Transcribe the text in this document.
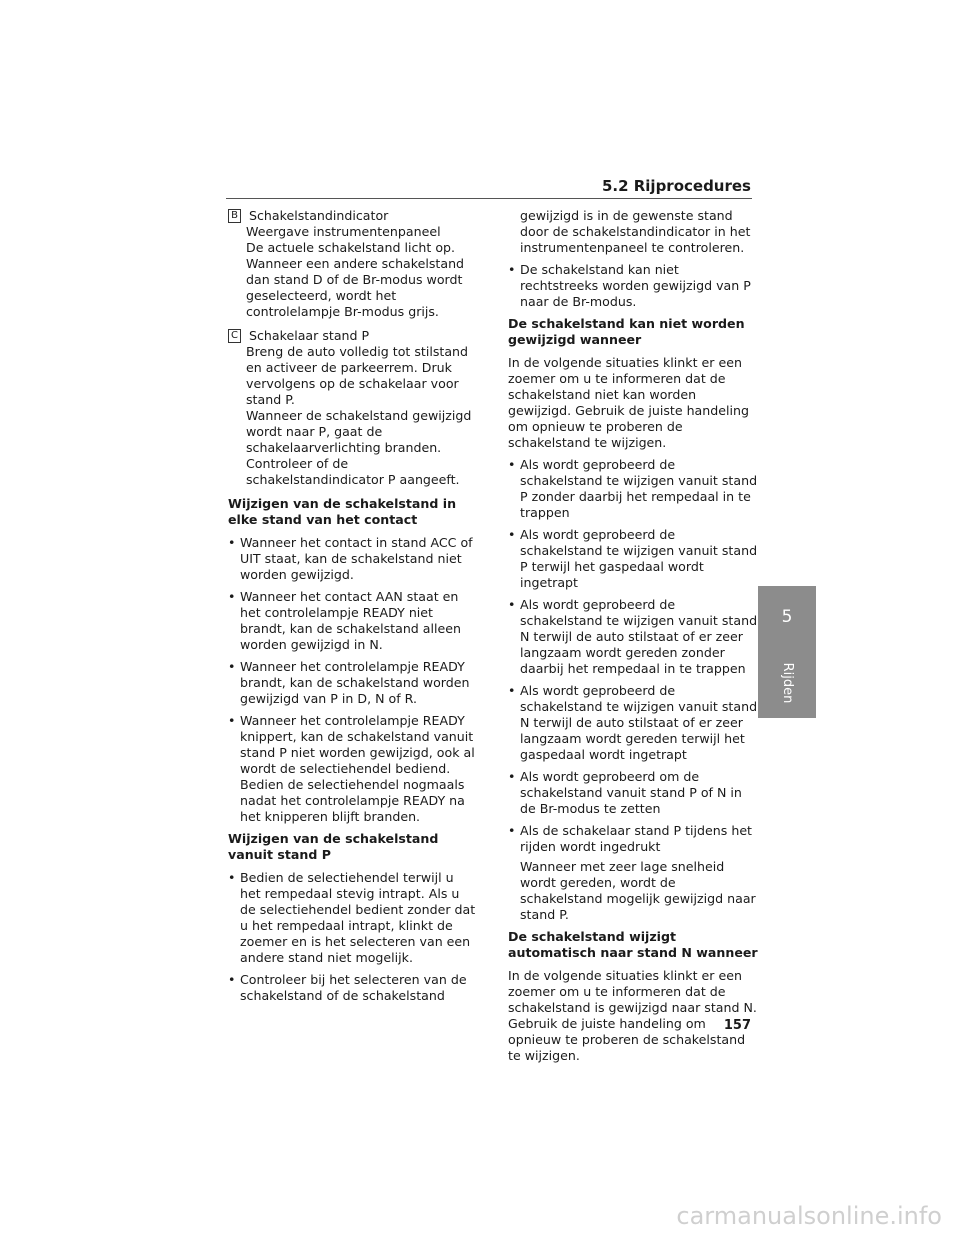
5.2 Rijprocedures
B Schakelstandindicator
Weergave instrumentenpaneel
De actuele schakelstand licht op. Wanneer een andere schakelstand dan stand D of de Br-modus wordt geselecteerd, wordt het controlelampje Br-modus grijs.
C Schakelaar stand P
Breng de auto volledig tot stilstand en activeer de parkeerrem. Druk vervolgens op de schakelaar voor stand P.
Wanneer de schakelstand gewijzigd wordt naar P, gaat de schakelaarverlichting branden. Controleer of de schakelstandindicator P aangeeft.

Wijzigen van de schakelstand in elke stand van het contact

• Wanneer het contact in stand ACC of UIT staat, kan de schakelstand niet worden gewijzigd.
• Wanneer het contact AAN staat en het controlelampje READY niet brandt, kan de schakelstand alleen worden gewijzigd in N.
• Wanneer het controlelampje READY brandt, kan de schakelstand worden gewijzigd van P in D, N of R.
• Wanneer het controlelampje READY knippert, kan de schakelstand vanuit stand P niet worden gewijzigd, ook al wordt de selectiehendel bediend. Bedien de selectiehendel nogmaals nadat het controlelampje READY na het knipperen blijft branden.

Wijzigen van de schakelstand vanuit stand P

• Bedien de selectiehendel terwijl u het rempedaal stevig intrapt. Als u de selectiehendel bedient zonder dat u het rempedaal intrapt, klinkt de zoemer en is het selecteren van een andere stand niet mogelijk.
• Controleer bij het selecteren van de schakelstand of de schakelstand

gewijzigd is in de gewenste stand door de schakelstandindicator in het instrumentenpaneel te controleren.

• De schakelstand kan niet rechtstreeks worden gewijzigd van P naar de Br-modus.

De schakelstand kan niet worden gewijzigd wanneer

In de volgende situaties klinkt er een zoemer om u te informeren dat de schakelstand niet kan worden gewijzigd. Gebruik de juiste handeling om opnieuw te proberen de schakelstand te wijzigen.

• Als wordt geprobeerd de schakelstand te wijzigen vanuit stand P zonder daarbij het rempedaal in te trappen
• Als wordt geprobeerd de schakelstand te wijzigen vanuit stand P terwijl het gaspedaal wordt ingetrapt
• Als wordt geprobeerd de schakelstand te wijzigen vanuit stand N terwijl de auto stilstaat of er zeer langzaam wordt gereden zonder daarbij het rempedaal in te trappen
• Als wordt geprobeerd de schakelstand te wijzigen vanuit stand N terwijl de auto stilstaat of er zeer langzaam wordt gereden terwijl het gaspedaal wordt ingetrapt
• Als wordt geprobeerd om de schakelstand vanuit stand P of N in de Br-modus te zetten
• Als de schakelaar stand P tijdens het rijden wordt ingedrukt
Wanneer met zeer lage snelheid wordt gereden, wordt de schakelstand mogelijk gewijzigd naar stand P.

De schakelstand wijzigt automatisch naar stand N wanneer

In de volgende situaties klinkt er een zoemer om u te informeren dat de schakelstand is gewijzigd naar stand N. Gebruik de juiste handeling om opnieuw te proberen de schakelstand te wijzigen.

5
Rijden
157
carmanualsonline.info
